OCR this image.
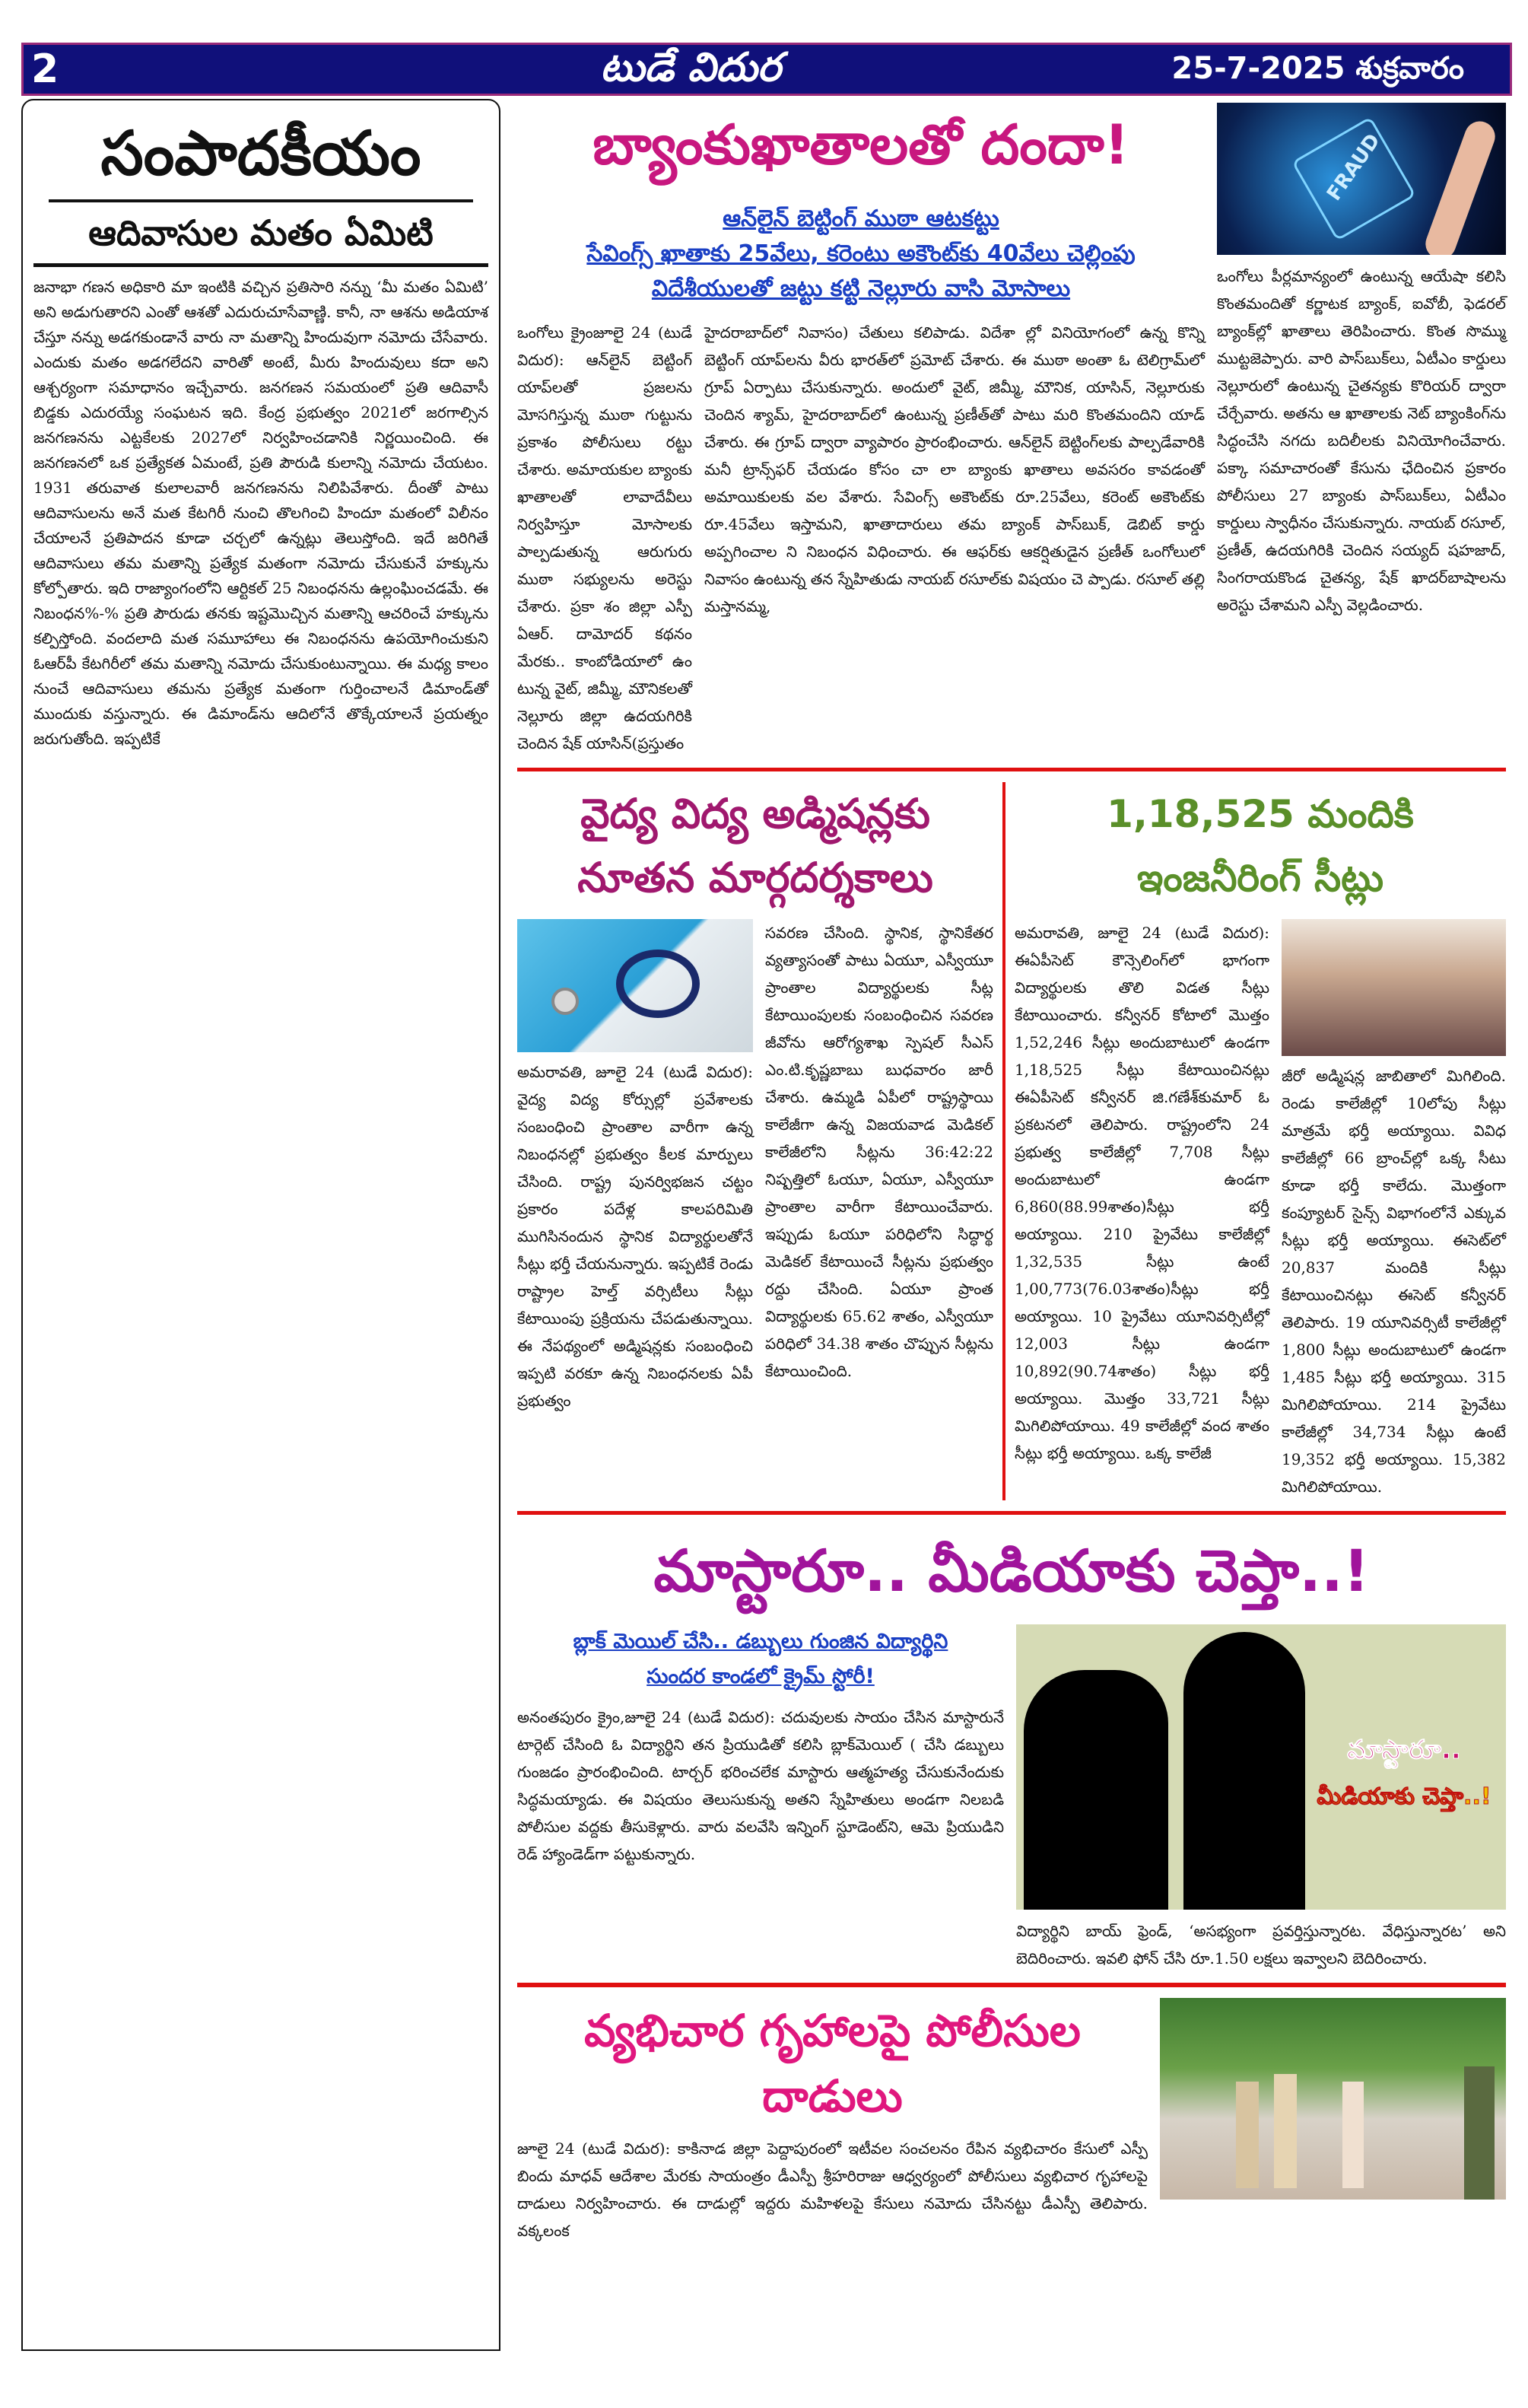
2	టుడే విదుర	25-7-2025 శుక్రవారం
సంపాదకీయం
ఆదివాసుల మతం ఏమిటి
జనాభా గణన అధికారి మా ఇంటికి వచ్చిన ప్రతిసారి నన్ను ‘మీ మతం ఏమిటి’ అని అడుగుతారని ఎంతో ఆశతో ఎదురుచూసేవాణ్ణి. కానీ, నా ఆశను అడియాశ చేస్తూ నన్ను అడగకుండానే వారు నా మతాన్ని హిందువుగా నమోదు చేసేవారు. ఎందుకు మతం అడగలేదని వారితో అంటే, మీరు హిందువులు కదా అని ఆశ్చర్యంగా సమాధానం ఇచ్చేవారు. జనగణన సమయంలో ప్రతి ఆదివాసీ బిడ్డకు ఎదురయ్యే సంఘటన ఇది. కేంద్ర ప్రభుత్వం 2021లో జరగాల్సిన జనగణనను ఎట్టకేలకు 2027లో నిర్వహించడానికి నిర్ణయించింది. ఈ జనగణనలో ఒక ప్రత్యేకత ఏమంటే, ప్రతి పౌరుడి కులాన్ని నమోదు చేయటం. 1931 తరువాత కులాలవారీ జనగణనను నిలిపివేశారు. దీంతో పాటు ఆదివాసులను అనే మత కేటగిరీ నుంచి తొలగించి హిందూ మతంలో విలీనం చేయాలనే ప్రతిపాదన కూడా చర్చలో ఉన్నట్లు తెలుస్తోంది. ఇదే జరిగితే ఆదివాసులు తమ మతాన్ని ప్రత్యేక మతంగా నమోదు చేసుకునే హక్కును కోల్పోతారు. ఇది రాజ్యాంగంలోని ఆర్టికల్ 25 నిబంధనను ఉల్లంఘించడమే. ఈ నిబంధన%-% ప్రతి పౌరుడు తనకు ఇష్టమొచ్చిన మతాన్ని ఆచరించే హక్కును కల్పిస్తోంది. వందలాది మత సమూహాలు ఈ నిబంధనను ఉపయోగించుకుని ఓఆర్‌పీ కేటగిరీలో తమ మతాన్ని నమోదు చేసుకుంటున్నాయి. ఈ మధ్య కాలం నుంచే ఆదివాసులు తమను ప్రత్యేక మతంగా గుర్తించాలనే డిమాండ్‌తో ముందుకు వస్తున్నారు. ఈ డిమాండ్‌ను ఆదిలోనే తొక్కేయాలనే ప్రయత్నం జరుగుతోంది. ఇప్పటికే
బ్యాంకుఖాతాలతో దందా!
ఆన్‌లైన్ బెట్టింగ్ ముఠా ఆటకట్టు
సేవింగ్స్ ఖాతాకు 25వేలు, కరెంటు అకౌంట్‌కు 40వేలు చెల్లింపు
విదేశీయులతో జట్టు కట్టి నెల్లూరు వాసి మోసాలు
ఒంగోలు క్రైంజూలై 24 (టుడే విదుర): ఆన్‌లైన్ బెట్టింగ్ యాప్‌లతో ప్రజలను మోసగిస్తున్న ముఠా గుట్టును ప్రకాశం పోలీసులు రట్టు చేశారు. అమాయకుల బ్యాంకు ఖాతాలతో లావాదేవీలు నిర్వహిస్తూ మోసాలకు పాల్పడుతున్న ఆరుగురు ముఠా సభ్యులను అరెస్టు చేశారు. ప్రకా శం జిల్లా ఎస్పీ ఏఆర్. దామోదర్ కథనం మేరకు.. కాంబోడియాలో ఉం టున్న వైట్, జిమ్మీ, మౌనికలతో నెల్లూరు జిల్లా ఉదయగిరికి చెందిన షేక్ యాసిన్(ప్రస్తుతం
హైదరాబాద్‌లో నివాసం) చేతులు కలిపాడు. విదేశా ల్లో వినియోగంలో ఉన్న కొన్ని బెట్టింగ్ యాప్‌లను వీరు భారత్‌లో ప్రమోట్ చేశారు. ఈ ముఠా అంతా ఓ టెలిగ్రామ్‌లో గ్రూప్ ఏర్పాటు చేసుకున్నారు. అందులో వైట్, జిమ్మీ, మౌనిక, యాసిన్, నెల్లూరుకు చెందిన శ్యామ్, హైదరాబాద్‌లో ఉంటున్న ప్రణీత్‌తో పాటు మరి కొంతమందిని యాడ్ చేశారు. ఈ గ్రూప్ ద్వారా వ్యాపారం ప్రారంభించారు. ఆన్‌లైన్ బెట్టింగ్‌లకు పాల్పడేవారికి మనీ ట్రాన్స్‌ఫర్ చేయడం కోసం చా లా బ్యాంకు ఖాతాలు అవసరం కావడంతో అమాయికులకు వల వేశారు. సేవింగ్స్ అకౌంట్‌కు రూ.25వేలు, కరెంట్ అకౌంట్‌కు రూ.45వేలు ఇస్తామని, ఖాతాదారులు తమ బ్యాంక్ పాస్‌బుక్, డెబిట్ కార్డు అప్పగించాల ని నిబంధన విధించారు. ఈ ఆఫర్‌కు ఆకర్షితుడైన ప్రణీత్ ఒంగోలులో నివాసం ఉంటున్న తన స్నేహితుడు నాయబ్ రసూల్‌కు విషయం చె ప్పాడు. రసూల్ తల్లి మస్తానమ్మ,
FRAUD
ఒంగోలు పీర్లమాన్యంలో ఉంటున్న ఆయేషా కలిసి కొంతమందితో కర్ణాటక బ్యాంక్, ఐవోబీ, ఫెడరల్ బ్యాంక్‌ల్లో ఖాతాలు తెరిపించారు. కొంత సొమ్ము ముట్టజెప్పారు. వారి పాస్‌బుక్‌లు, ఏటీఎం కార్డులు నెల్లూరులో ఉంటున్న చైతన్యకు కొరియర్ ద్వారా చేర్చేవారు. అతను ఆ ఖాతాలకు నెట్ బ్యాంకింగ్‌ను సిద్ధంచేసి నగదు బదిలీలకు వినియోగించేవారు. పక్కా సమాచారంతో కేసును ఛేదించిన ప్రకారం పోలీసులు 27 బ్యాంకు పాస్‌బుక్‌లు, ఏటీఎం కార్డులు స్వాధీనం చేసుకున్నారు. నాయబ్ రసూల్, ప్రణీత్, ఉదయగిరికి చెందిన సయ్యద్ షహజాద్, సింగరాయకొండ చైతన్య, షేక్ ఖాదర్‌బాషాలను అరెస్టు చేశామని ఎస్పీ వెల్లడించారు.
వైద్య విద్య అడ్మిషన్లకు
నూతన మార్గదర్శకాలు
అమరావతి, జూలై 24 (టుడే విదుర): వైద్య విద్య కోర్సుల్లో ప్రవేశాలకు సంబంధించి ప్రాంతాల వారీగా ఉన్న నిబంధనల్లో ప్రభుత్వం కీలక మార్పులు చేసింది. రాష్ట్ర పునర్విభజన చట్టం ప్రకారం పదేళ్ల కాలపరిమితి ముగిసినందున స్థానిక విద్యార్థులతోనే సీట్లు భర్తీ చేయనున్నారు. ఇప్పటికే రెండు రాష్ట్రాల హెల్త్ వర్సిటీలు సీట్లు కేటాయింపు ప్రక్రియను చేపడుతున్నాయి. ఈ నేపథ్యంలో అడ్మిషన్లకు సంబంధించి ఇప్పటి వరకూ ఉన్న నిబంధనలకు ఏపీ ప్రభుత్వం
సవరణ చేసింది. స్థానిక, స్థానికేతర వ్యత్యాసంతో పాటు ఏయూ, ఎస్వీయూ ప్రాంతాల విద్యార్థులకు సీట్ల కేటాయింపులకు సంబంధించిన సవరణ జీవోను ఆరోగ్యశాఖ స్పెషల్ సీఎస్ ఎం.టి.కృష్ణబాబు బుధవారం జారీ చేశారు. ఉమ్మడి ఏపీలో రాష్ట్రస్థాయి కాలేజీగా ఉన్న విజయవాడ మెడికల్ కాలేజీలోని సీట్లను 36:42:22 నిష్పత్తిలో ఓయూ, ఏయూ, ఎస్వీయూ ప్రాంతాల వారీగా కేటాయించేవారు. ఇప్పుడు ఓయూ పరిధిలోని సిద్ధార్థ మెడికల్ కేటాయించే సీట్లను ప్రభుత్వం రద్దు చేసింది. ఏయూ ప్రాంత విద్యార్థులకు 65.62 శాతం, ఎస్వీయూ పరిధిలో 34.38 శాతం చొప్పున సీట్లను కేటాయించింది.
1,18,525 మందికి
ఇంజనీరింగ్ సీట్లు
అమరావతి, జూలై 24 (టుడే విదుర): ఈఏపీసెట్ కౌన్సెలింగ్‌లో భాగంగా విద్యార్థులకు తొలి విడత సీట్లు కేటాయించారు. కన్వీనర్ కోటాలో మొత్తం 1,52,246 సీట్లు అందుబాటులో ఉండగా 1,18,525 సీట్లు కేటాయించినట్లు ఈఏపీసెట్ కన్వీనర్ జి.గణేశ్‌కుమార్ ఓ ప్రకటనలో తెలిపారు. రాష్ట్రంలోని 24 ప్రభుత్వ కాలేజీల్లో 7,708 సీట్లు అందుబాటులో ఉండగా 6,860(88.99శాతం)సీట్లు భర్తీ అయ్యాయి. 210 ప్రైవేటు కాలేజీల్లో 1,32,535 సీట్లు ఉంటే 1,00,773(76.03శాతం)సీట్లు భర్తీ అయ్యాయి. 10 ప్రైవేటు యూనివర్సిటీల్లో 12,003 సీట్లు ఉండగా 10,892(90.74శాతం) సీట్లు భర్తీ అయ్యాయి. మొత్తం 33,721 సీట్లు మిగిలిపోయాయి. 49 కాలేజీల్లో వంద శాతం సీట్లు భర్తీ అయ్యాయి. ఒక్క కాలేజీ
జీరో అడ్మిషన్ల జాబితాలో మిగిలింది. రెండు కాలేజీల్లో 10లోపు సీట్లు మాత్రమే భర్తీ అయ్యాయి. వివిధ కాలేజీల్లో 66 బ్రాంచ్‌ల్లో ఒక్క సీటు కూడా భర్తీ కాలేదు. మొత్తంగా కంప్యూటర్ సైన్స్ విభాగంలోనే ఎక్కువ సీట్లు భర్తీ అయ్యాయి. ఈసెట్‌లో 20,837 మందికి సీట్లు కేటాయించినట్లు ఈసెట్ కన్వీనర్ తెలిపారు. 19 యూనివర్సిటీ కాలేజీల్లో 1,800 సీట్లు అందుబాటులో ఉండగా 1,485 సీట్లు భర్తీ అయ్యాయి. 315 మిగిలిపోయాయి. 214 ప్రైవేటు కాలేజీల్లో 34,734 సీట్లు ఉంటే 19,352 భర్తీ అయ్యాయి. 15,382 మిగిలిపోయాయి.
మాస్టారూ.. మీడియాకు చెప్తా..!
బ్లాక్ మెయిల్ చేసి.. డబ్బులు గుంజిన విద్యార్థిని
సుందర కాండలో క్రైమ్ స్టోరీ!
అనంతపురం క్రైం,జూలై 24 (టుడే విదుర): చదువులకు సాయం చేసిన మాస్టారునే టార్గెట్ చేసింది ఓ విద్యార్థిని తన ప్రియుడితో కలిసి బ్లాక్‌మెయిల్ ( చేసి డబ్బులు గుంజడం ప్రారంభించింది. టార్చర్ భరించలేక మాస్టారు ఆత్మహత్య చేసుకునేందుకు సిద్ధమయ్యాడు. ఈ విషయం తెలుసుకున్న అతని స్నేహితులు అండగా నిలబడి పోలీసుల వద్దకు తీసుకెళ్లారు. వారు వలవేసి ఇన్నింగ్ స్టూడెంట్‌ని, ఆమె ప్రియుడిని రెడ్ హ్యాండెడ్‌గా పట్టుకున్నారు.
మాస్టారూ..
మీడియాకు చెప్తా..!
విద్యార్థిని బాయ్ ఫ్రెండ్, ‘అసభ్యంగా ప్రవర్తిస్తున్నారట. వేధిస్తున్నారట’ అని బెదిరించారు. ఇవలి ఫోన్ చేసి రూ.1.50 లక్షలు ఇవ్వాలని బెదిరించారు.
వ్యభిచార గృహాలపై పోలీసుల దాడులు
జూలై 24 (టుడే విదుర): కాకినాడ జిల్లా పెద్దాపురంలో ఇటీవల సంచలనం రేపిన వ్యభిచారం కేసులో ఎస్పీ బిందు మాధవ్ ఆదేశాల మేరకు సాయంత్రం డీఎస్పీ శ్రీహరిరాజు ఆధ్వర్యంలో పోలీసులు వ్యభిచార గృహాలపై దాడులు నిర్వహించారు. ఈ దాడుల్లో ఇద్దరు మహిళలపై కేసులు నమోదు చేసినట్టు డీఎస్పీ తెలిపారు. వక్కలంక
